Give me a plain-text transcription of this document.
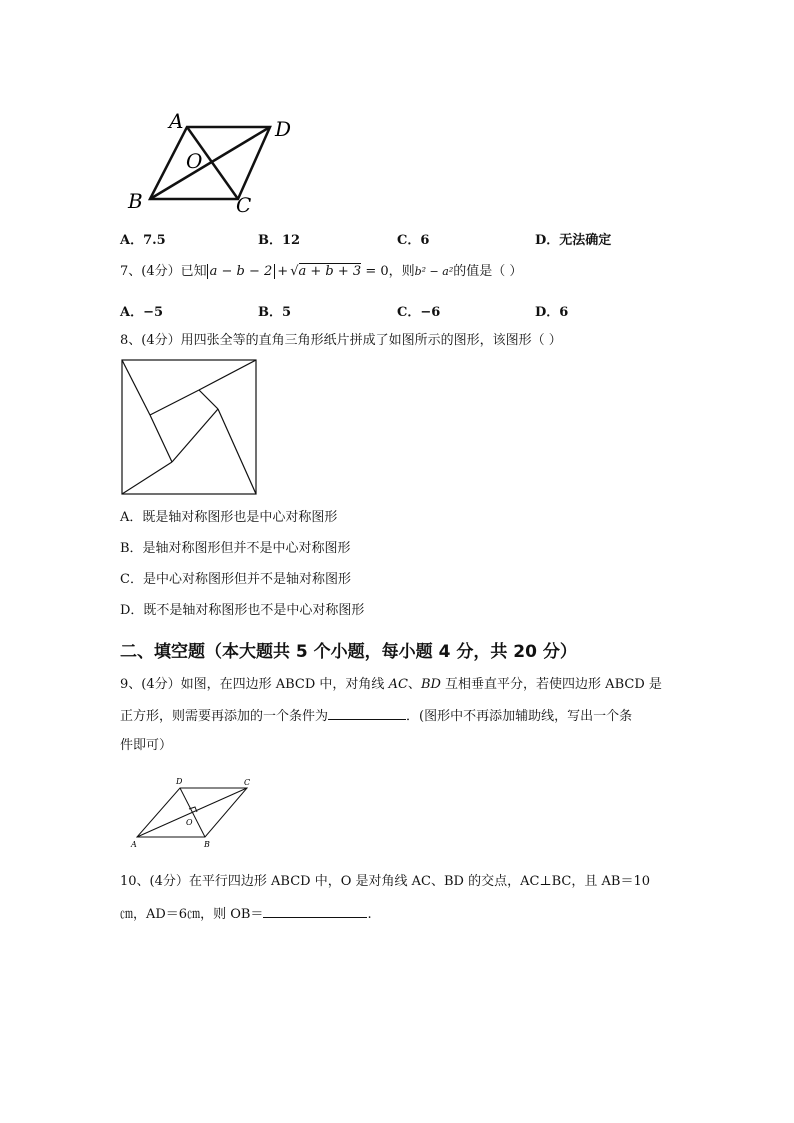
A	D
O
B	C
A．7.5	B．12	C．6	D．无法确定
7、(4分）已知 a − b − 2 + √a + b + 3 = 0，则b² − a²的值是（ ）
A．−5	B．5	C．−6	D．6
8、(4分）用四张全等的直角三角形纸片拼成了如图所示的图形，该图形（ ）
A．既是轴对称图形也是中心对称图形
B．是轴对称图形但并不是中心对称图形
C．是中心对称图形但并不是轴对称图形
D．既不是轴对称图形也不是中心对称图形
二、填空题（本大题共 5 个小题，每小题 4 分，共 20 分）
9、(4分）如图，在四边形 ABCD 中，对角线 AC、BD 互相垂直平分，若使四边形 ABCD 是
正方形，则需要再添加的一个条件为	．(图形中不再添加辅助线，写出一个条
件即可）
D	C
O
A	B
10、(4分）在平行四边形 ABCD 中，O 是对角线 AC、BD 的交点，AC⊥BC，且 AB＝10
㎝，AD＝6㎝，则 OB＝	.
